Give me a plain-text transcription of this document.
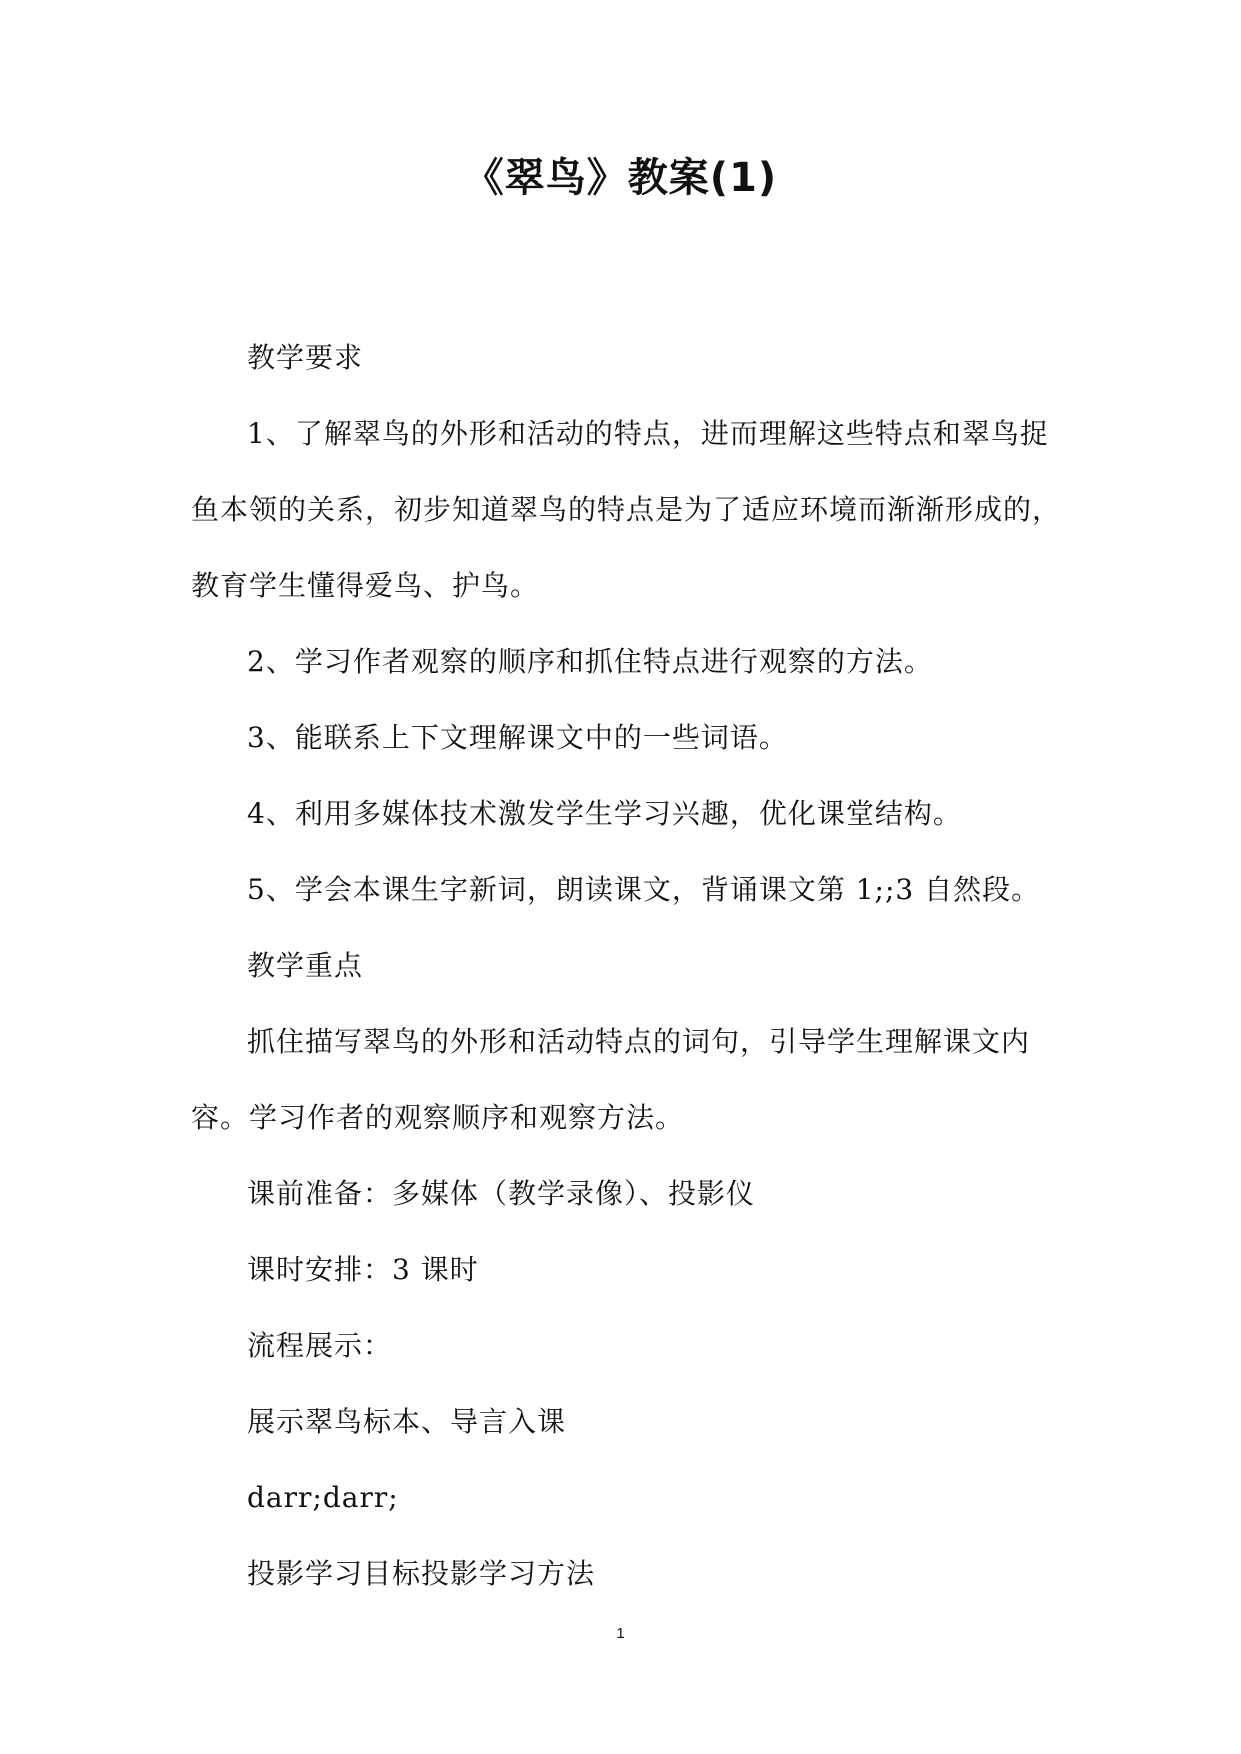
《翠鸟》教案(1)

教学要求

1、了解翠鸟的外形和活动的特点，进而理解这些特点和翠鸟捉鱼本领的关系，初步知道翠鸟的特点是为了适应环境而渐渐形成的，教育学生懂得爱鸟、护鸟。

2、学习作者观察的顺序和抓住特点进行观察的方法。

3、能联系上下文理解课文中的一些词语。

4、利用多媒体技术激发学生学习兴趣，优化课堂结构。

5、学会本课生字新词，朗读课文，背诵课文第 1;;3 自然段。

教学重点

抓住描写翠鸟的外形和活动特点的词句，引导学生理解课文内容。学习作者的观察顺序和观察方法。

课前准备：多媒体（教学录像）、投影仪

课时安排：3 课时

流程展示：

展示翠鸟标本、导言入课

darr;darr;

投影学习目标投影学习方法

1
